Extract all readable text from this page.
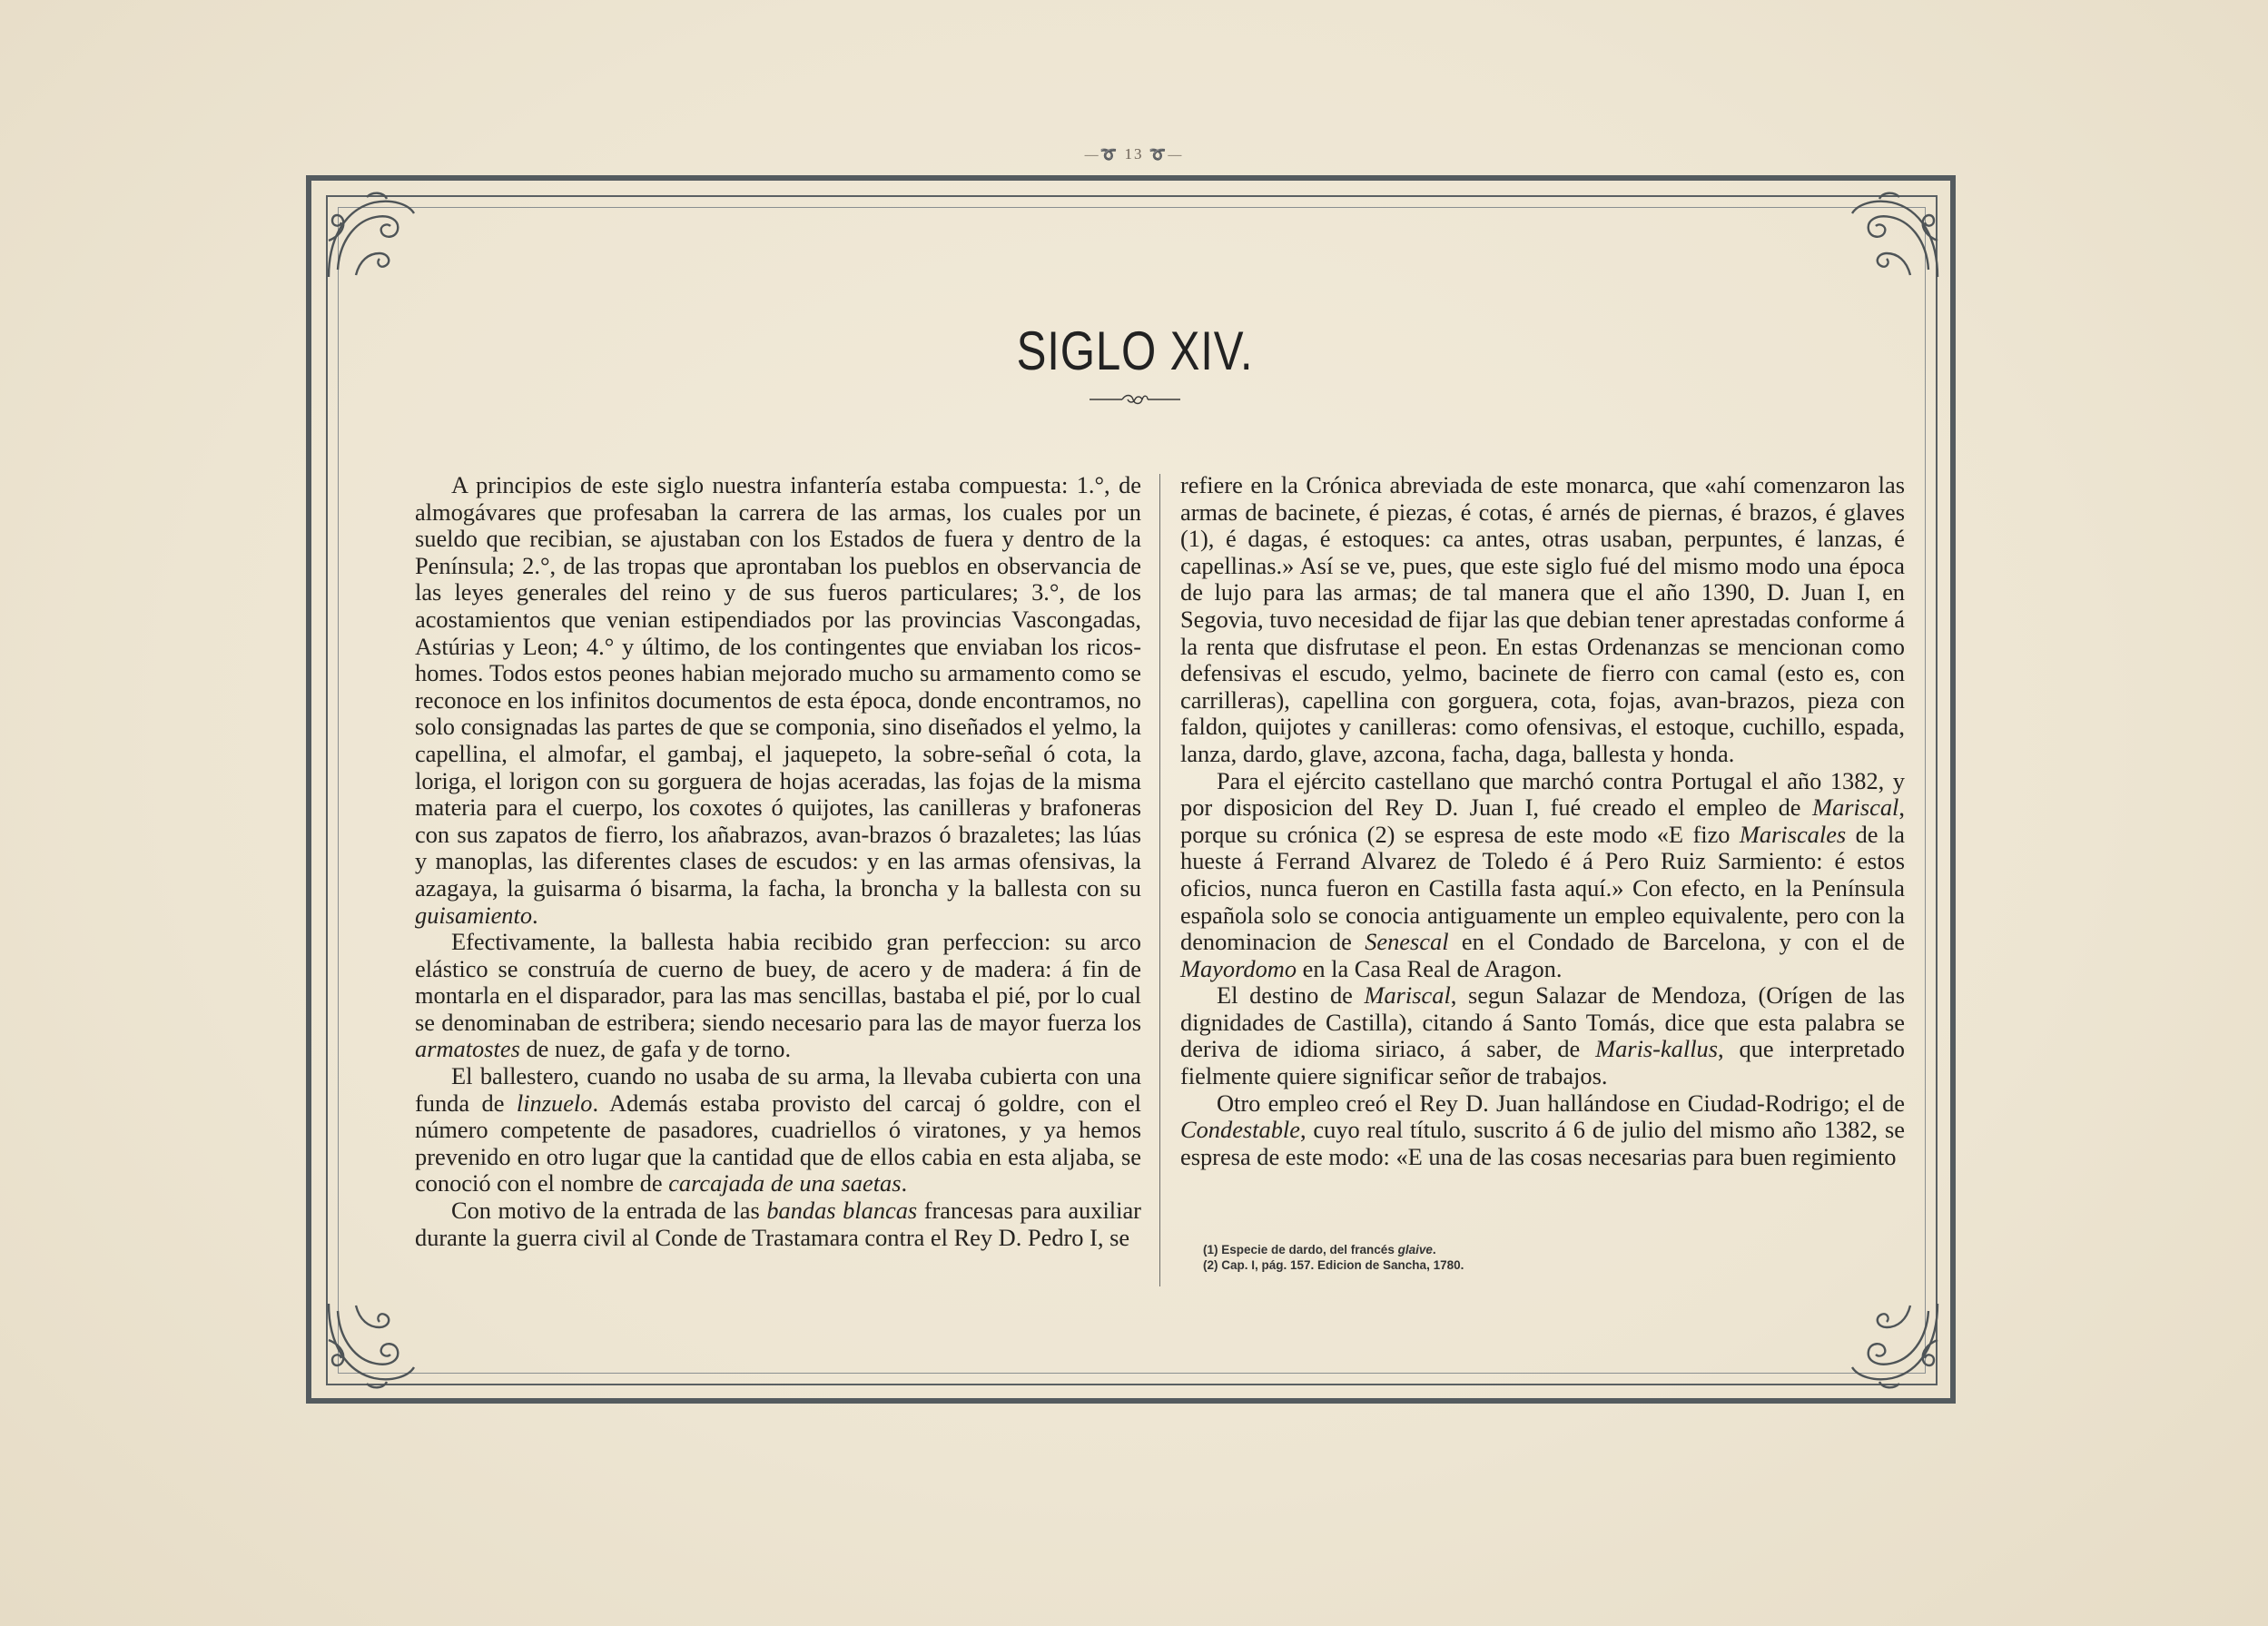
—➰ 13 ➰—
SIGLO XIV.

A principios de este siglo nuestra infantería estaba compuesta: 1.°, de almogávares que profesaban la carrera de las armas, los cuales por un sueldo que recibian, se ajustaban con los Estados de fuera y dentro de la Península; 2.°, de las tropas que aprontaban los pueblos en observancia de las leyes generales del reino y de sus fueros particulares; 3.°, de los acostamientos que venian estipendiados por las provincias Vascongadas, Astúrias y Leon; 4.° y último, de los contingentes que enviaban los ricos-homes. Todos estos peones habian mejorado mucho su armamento como se reconoce en los infinitos documentos de esta época, donde encontramos, no solo consignadas las partes de que se componia, sino diseñados el yelmo, la capellina, el almofar, el gambaj, el jaquepeto, la sobre-señal ó cota, la loriga, el lorigon con su gorguera de hojas aceradas, las fojas de la misma materia para el cuerpo, los coxotes ó quijotes, las canilleras y brafoneras con sus zapatos de fierro, los añabrazos, avan-brazos ó brazaletes; las lúas y manoplas, las diferentes clases de escudos: y en las armas ofensivas, la azagaya, la guisarma ó bisarma, la facha, la broncha y la ballesta con su guisamiento.

Efectivamente, la ballesta habia recibido gran perfeccion: su arco elástico se construía de cuerno de buey, de acero y de madera: á fin de montarla en el disparador, para las mas sencillas, bastaba el pié, por lo cual se denominaban de estribera; siendo necesario para las de mayor fuerza los armatostes de nuez, de gafa y de torno.

El ballestero, cuando no usaba de su arma, la llevaba cubierta con una funda de linzuelo. Además estaba provisto del carcaj ó goldre, con el número competente de pasadores, cuadriellos ó viratones, y ya hemos prevenido en otro lugar que la cantidad que de ellos cabia en esta aljaba, se conoció con el nombre de carcajada de una saetas.

Con motivo de la entrada de las bandas blancas francesas para auxiliar durante la guerra civil al Conde de Trastamara contra el Rey D. Pedro I, se

refiere en la Crónica abreviada de este monarca, que «ahí comenzaron las armas de bacinete, é piezas, é cotas, é arnés de piernas, é brazos, é glaves (1), é dagas, é estoques: ca antes, otras usaban, perpuntes, é lanzas, é capellinas.» Así se ve, pues, que este siglo fué del mismo modo una época de lujo para las armas; de tal manera que el año 1390, D. Juan I, en Segovia, tuvo necesidad de fijar las que debian tener aprestadas conforme á la renta que disfrutase el peon. En estas Ordenanzas se mencionan como defensivas el escudo, yelmo, bacinete de fierro con camal (esto es, con carrilleras), capellina con gorguera, cota, fojas, avan-brazos, pieza con faldon, quijotes y canilleras: como ofensivas, el estoque, cuchillo, espada, lanza, dardo, glave, azcona, facha, daga, ballesta y honda.

Para el ejército castellano que marchó contra Portugal el año 1382, y por disposicion del Rey D. Juan I, fué creado el empleo de Mariscal, porque su crónica (2) se espresa de este modo «E fizo Mariscales de la hueste á Ferrand Alvarez de Toledo é á Pero Ruiz Sarmiento: é estos oficios, nunca fueron en Castilla fasta aquí.» Con efecto, en la Península española solo se conocia antiguamente un empleo equivalente, pero con la denominacion de Senescal en el Condado de Barcelona, y con el de Mayordomo en la Casa Real de Aragon.

El destino de Mariscal, segun Salazar de Mendoza, (Orígen de las dignidades de Castilla), citando á Santo Tomás, dice que esta palabra se deriva de idioma siriaco, á saber, de Maris-kallus, que interpretado fielmente quiere significar señor de trabajos.

Otro empleo creó el Rey D. Juan hallándose en Ciudad-Rodrigo; el de Condestable, cuyo real título, suscrito á 6 de julio del mismo año 1382, se espresa de este modo: «E una de las cosas necesarias para buen regimiento

(1) Especie de dardo, del francés glaive.
(2) Cap. I, pág. 157. Edicion de Sancha, 1780.
